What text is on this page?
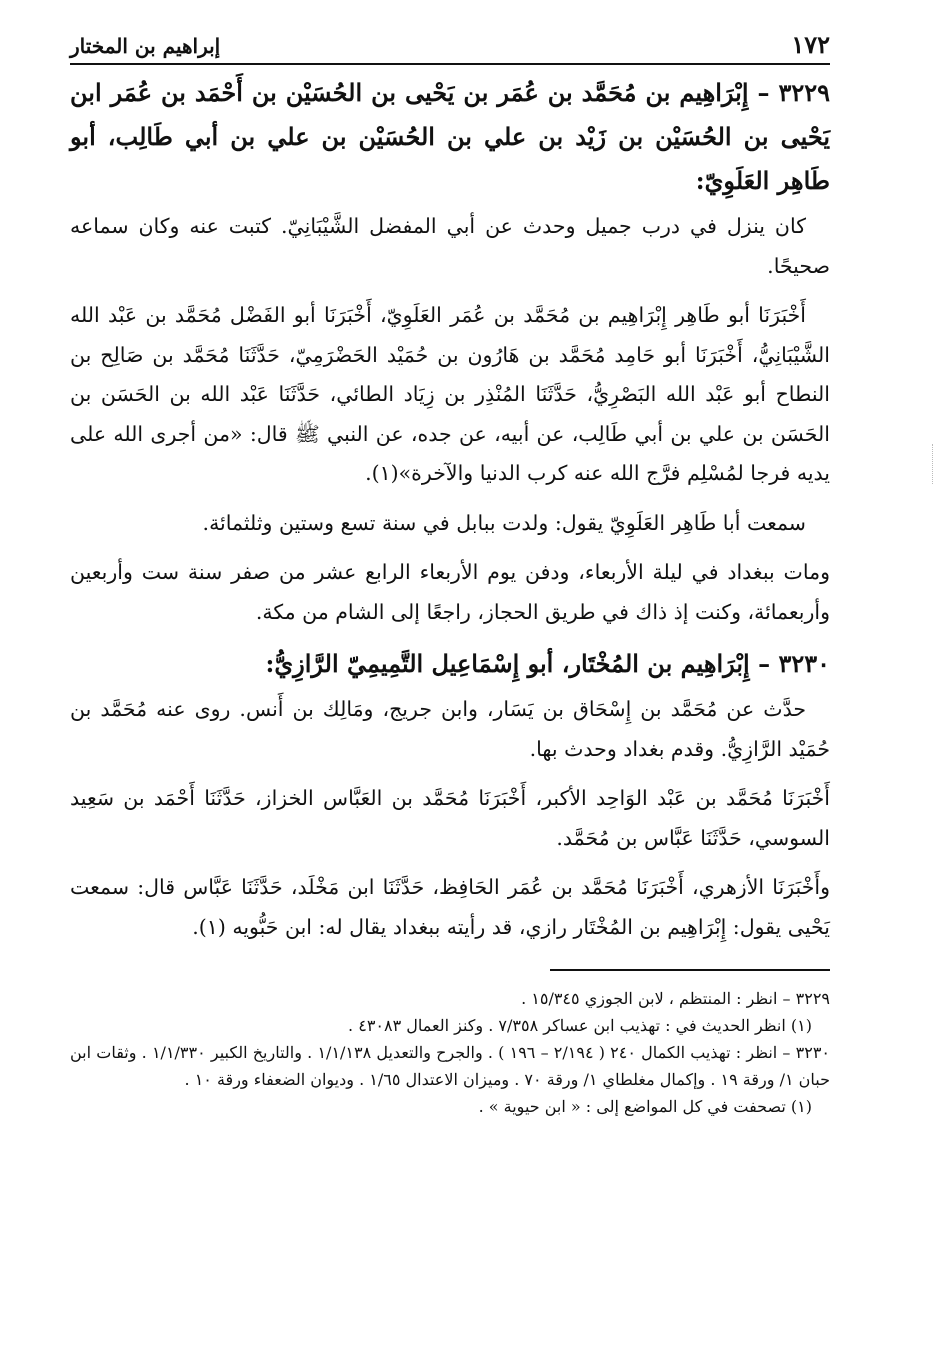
١٧٢
إبراهيم بن المختار
٣٢٢٩ – إِبْرَاهِيم بن مُحَمَّد بن عُمَر بن يَحْيى بن الحُسَيْن بن أَحْمَد بن عُمَر ابن يَحْيى بن الحُسَيْن بن زَيْد بن علي بن الحُسَيْن بن علي بن أبي طَالِب، أبو طَاهِر العَلَوِيّ:

كان ينزل في درب جميل وحدث عن أبي المفضل الشَّيْبَانِيّ. كتبت عنه وكان سماعه صحيحًا.

أَخْبَرَنَا أبو طَاهِر إِبْرَاهِيم بن مُحَمَّد بن عُمَر العَلَوِيّ، أَخْبَرَنَا أبو الفَضْل مُحَمَّد بن عَبْد الله الشَّيْبَانِيُّ، أَخْبَرَنَا أبو حَامِد مُحَمَّد بن هَارُون بن حُمَيْد الحَضْرَمِيّ، حَدَّثَنَا مُحَمَّد بن صَالِح بن النطاح أبو عَبْد الله البَصْرِيُّ، حَدَّثَنَا المُنْذِر بن زِيَاد الطائي، حَدَّثَنَا عَبْد الله بن الحَسَن بن الحَسَن بن علي بن أبي طَالِب، عن أبيه، عن جده، عن النبي ﷺ قال: «من أجرى الله على يديه فرجا لمُسْلِم فرَّج الله عنه كرب الدنيا والآخرة»(١).

سمعت أبا طَاهِر العَلَوِيّ يقول: ولدت ببابل في سنة تسع وستين وثلثمائة.

ومات ببغداد في ليلة الأربعاء، ودفن يوم الأربعاء الرابع عشر من صفر سنة ست وأربعين وأربعمائة، وكنت إذ ذاك في طريق الحجاز، راجعًا إلى الشام من مكة.

٣٢٣٠ – إِبْرَاهِيم بن المُخْتَار، أبو إِسْمَاعِيل التَّمِيمِيّ الرَّازِيُّ:

حدَّث عن مُحَمَّد بن إِسْحَاق بن يَسَار، وابن جريج، ومَالِك بن أَنس. روى عنه مُحَمَّد بن حُمَيْد الرَّازِيُّ. وقدم بغداد وحدث بها.

أَخْبَرَنَا مُحَمَّد بن عَبْد الوَاحِد الأكبر، أَخْبَرَنَا مُحَمَّد بن العَبَّاس الخزاز، حَدَّثَنَا أَحْمَد بن سَعِيد السوسي، حَدَّثَنَا عَبَّاس بن مُحَمَّد.

وأَخْبَرَنَا الأزهري، أَخْبَرَنَا مُحَمَّد بن عُمَر الحَافِظ، حَدَّثَنَا ابن مَخْلَد، حَدَّثَنَا عَبَّاس قال: سمعت يَحْيى يقول: إِبْرَاهِيم بن المُخْتَار رازي، قد رأيته ببغداد يقال له: ابن حَبُّويه (١).

٣٢٢٩ – انظر : المنتظم ، لابن الجوزي ١٥/٣٤٥ .
(١) انظر الحديث في : تهذيب ابن عساكر ٧/٣٥٨ . وكنز العمال ٤٣٠٨٣ .
٣٢٣٠ – انظر : تهذيب الكمال ٢٤٠ ( ٢/١٩٤ – ١٩٦ ) . والجرح والتعديل ١/١/١٣٨ . والتاريخ الكبير ١/١/٣٣٠ . وثقات ابن حبان ١/ ورقة ١٩ . وإكمال مغلطاي ١/ ورقة ٧٠ . وميزان الاعتدال ١/٦٥ . وديوان الضعفاء ورقة ١٠ .
(١) تصحفت في كل المواضع إلى : « ابن حيوية » .
